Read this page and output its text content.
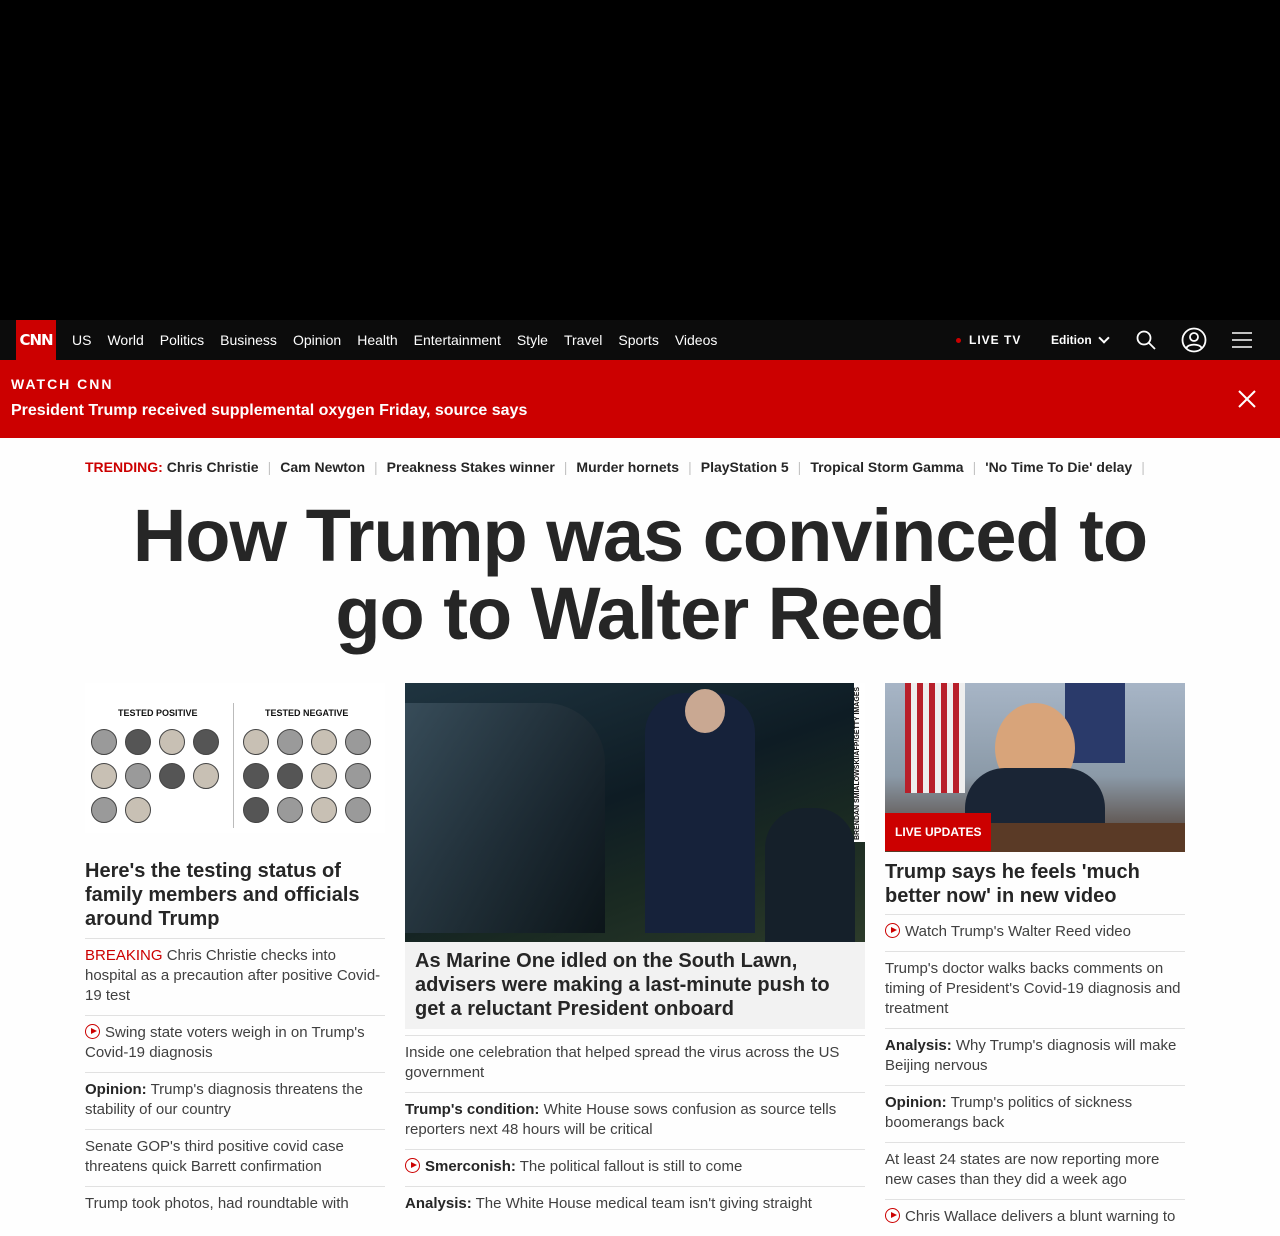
CNN US World Politics Business Opinion Health Entertainment Style Travel Sports Videos	LIVE TV Edition
WATCH CNN
President Trump received supplemental oxygen Friday, source says
TRENDING: Chris Christie | Cam Newton | Preakness Stakes winner | Murder hornets | PlayStation 5 | Tropical Storm Gamma | 'No Time To Die' delay |
How Trump was convinced to go to Walter Reed
TESTED POSITIVE	TESTED NEGATIVE
Here's the testing status of family members and officials around Trump
BREAKING Chris Christie checks into hospital as a precaution after positive Covid-19 test
Swing state voters weigh in on Trump's Covid-19 diagnosis
Opinion: Trump's diagnosis threatens the stability of our country
Senate GOP's third positive covid case threatens quick Barrett confirmation
Trump took photos, had roundtable with
BRENDAN SMIALOWSKI/AFP/GETTY IMAGES
As Marine One idled on the South Lawn, advisers were making a last-minute push to get a reluctant President onboard
Inside one celebration that helped spread the virus across the US government
Trump's condition: White House sows confusion as source tells reporters next 48 hours will be critical
Smerconish: The political fallout is still to come
Analysis: The White House medical team isn't giving straight
LIVE UPDATES
Trump says he feels 'much better now' in new video
Watch Trump's Walter Reed video
Trump's doctor walks backs comments on timing of President's Covid-19 diagnosis and treatment
Analysis: Why Trump's diagnosis will make Beijing nervous
Opinion: Trump's politics of sickness boomerangs back
At least 24 states are now reporting more new cases than they did a week ago
Chris Wallace delivers a blunt warning to
